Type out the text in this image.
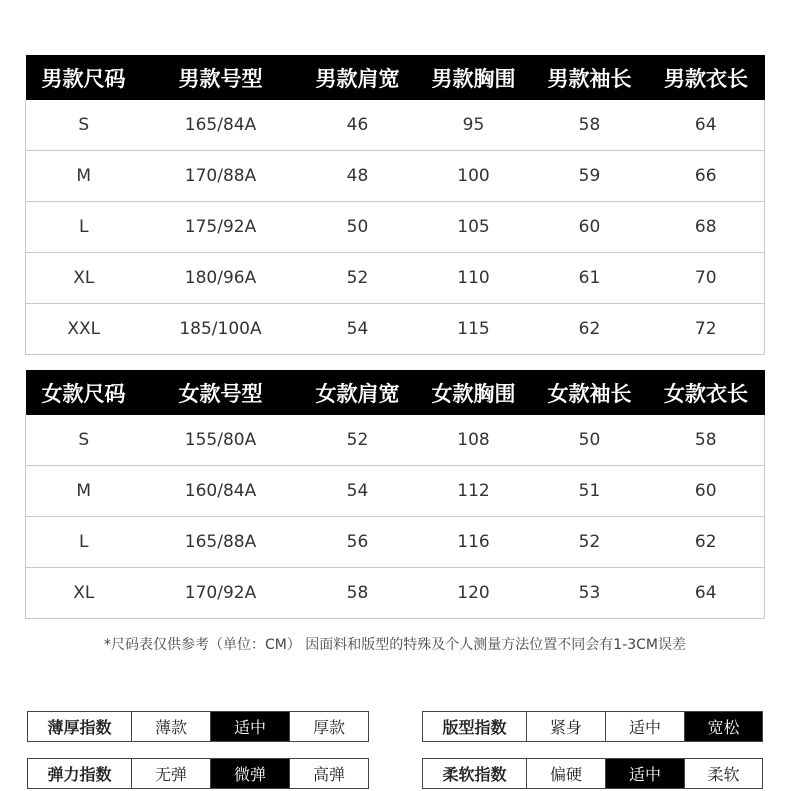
男款尺码	男款号型	男款肩宽	男款胸围	男款袖长	男款衣长
S	165/84A	46	95	58	64
M	170/88A	48	100	59	66
L	175/92A	50	105	60	68
XL	180/96A	52	110	61	70
XXL	185/100A	54	115	62	72
女款尺码	女款号型	女款肩宽	女款胸围	女款袖长	女款衣长
S	155/80A	52	108	50	58
M	160/84A	54	112	51	60
L	165/88A	56	116	52	62
XL	170/92A	58	120	53	64
*尺码表仅供参考（单位：CM） 因面料和版型的特殊及个人测量方法位置不同会有1-3CM误差
薄厚指数	薄款	适中	厚款
弹力指数	无弹	微弹	高弹
版型指数	紧身	适中	宽松
柔软指数	偏硬	适中	柔软
